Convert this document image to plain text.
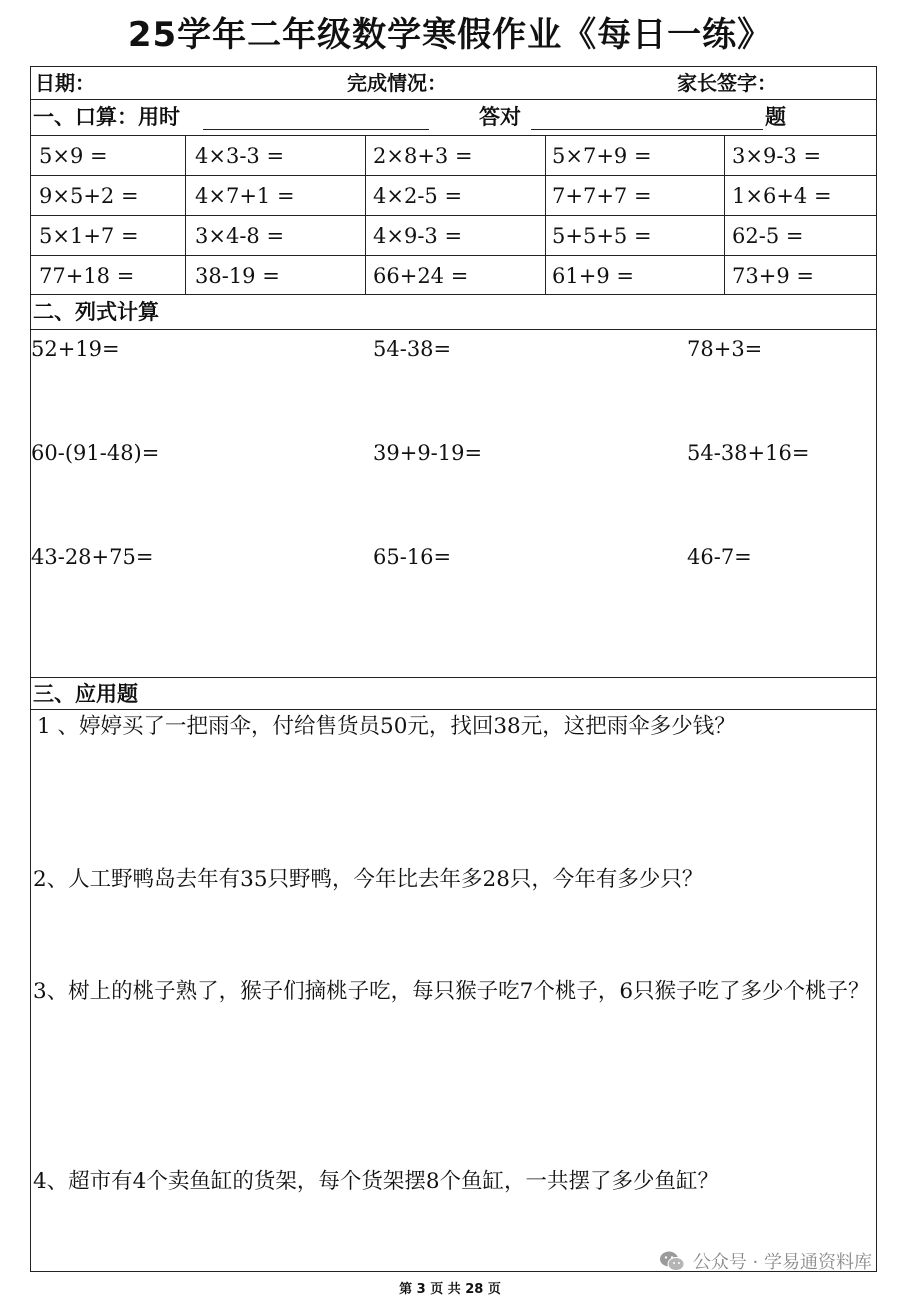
25学年二年级数学寒假作业《每日一练》
日期：	完成情况：	家长签字：
一、口算：用时	答对	题
5×9 =	4×3-3 =	2×8+3 =	5×7+9 =	3×9-3 =
9×5+2 =	4×7+1 =	4×2-5 =	7+7+7 =	1×6+4 =
5×1+7 =	3×4-8 =	4×9-3 =	5+5+5 =	62-5 =
77+18 =	38-19 =	66+24 =	61+9 =	73+9 =
二、列式计算
52+19=	54-38=	78+3=
60-(91-48)=	39+9-19=	54-38+16=
43-28+75=	65-16=	46-7=
三、应用题
1 、婷婷买了一把雨伞，付给售货员50元，找回38元，这把雨伞多少钱？
2、人工野鸭岛去年有35只野鸭，今年比去年多28只，今年有多少只？
3、树上的桃子熟了，猴子们摘桃子吃，每只猴子吃7个桃子，6只猴子吃了多少个桃子？
4、超市有4个卖鱼缸的货架，每个货架摆8个鱼缸，一共摆了多少鱼缸？
公众号 · 学易通资料库
第 3 页 共 28 页
